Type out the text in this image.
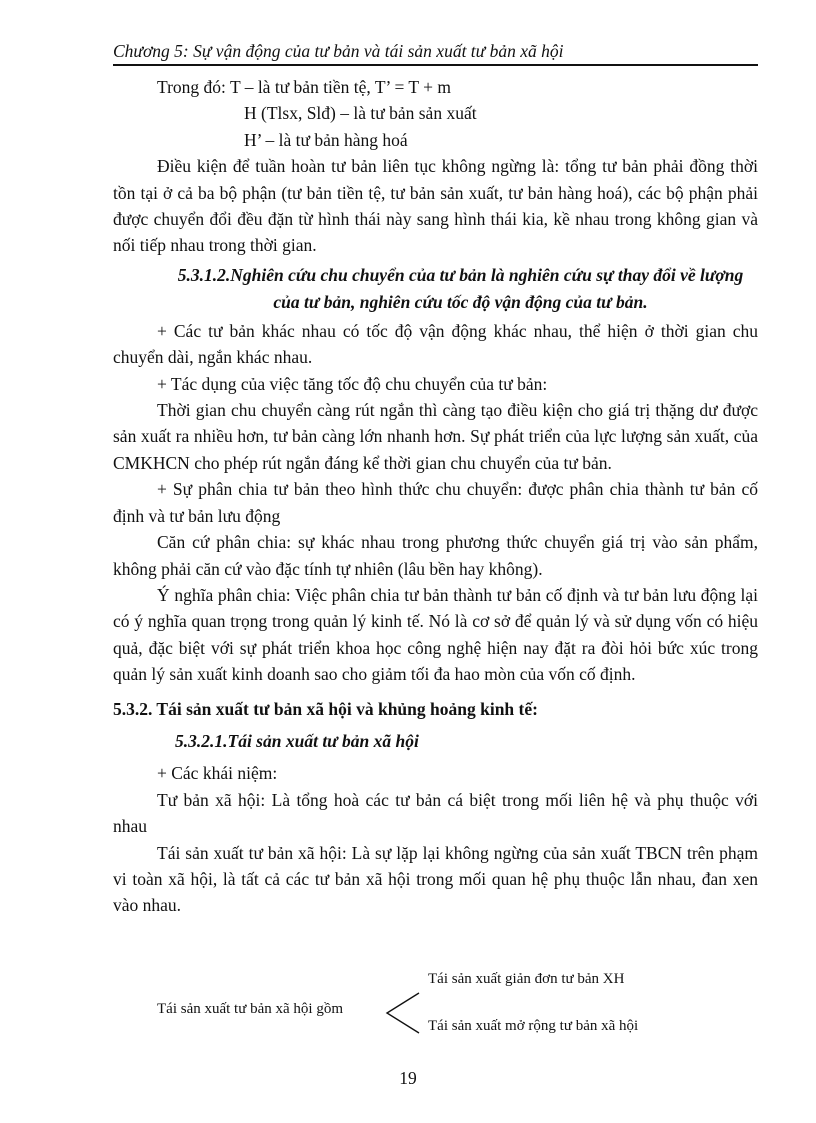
Chương 5: Sự vận động của tư bản và tái sản xuất tư bản xã hội

Trong đó: T – là tư bản tiền tệ, T’ = T + m

H (Tlsx, Slđ) – là tư bản sản xuất

H’ – là tư bản hàng hoá

Điều kiện để tuần hoàn tư bản liên tục không ngừng là: tổng tư bản phải đồng thời tồn tại ở cả ba bộ phận (tư bản tiền tệ, tư bản sản xuất, tư bản hàng hoá), các bộ phận phải được chuyển đổi đều đặn từ hình thái này sang hình thái kia, kề nhau trong không gian và nối tiếp nhau trong thời gian.

5.3.1.2.Nghiên cứu chu chuyển của tư bản là nghiên cứu sự thay đổi về lượng của tư bản, nghiên cứu tốc độ vận động của tư bản.

+ Các tư bản khác nhau có tốc độ vận động khác nhau, thể hiện ở thời gian chu chuyển dài, ngắn khác nhau.

+ Tác dụng của việc tăng tốc độ chu chuyển của tư bản:

Thời gian chu chuyển càng rút ngắn thì càng tạo điều kiện cho giá trị thặng dư được sản xuất ra nhiều hơn, tư bản càng lớn nhanh hơn. Sự phát triển của lực lượng sản xuất, của CMKHCN cho phép rút ngắn đáng kể thời gian chu chuyển của tư bản.

+ Sự phân chia tư bản theo hình thức chu chuyển: được phân chia thành tư bản cố định và tư bản lưu động

Căn cứ phân chia: sự khác nhau trong phương thức chuyển giá trị vào sản phẩm, không phải căn cứ vào đặc tính tự nhiên (lâu bền hay không).

Ý nghĩa phân chia: Việc phân chia tư bản thành tư bản cố định và tư bản lưu động lại có ý nghĩa quan trọng trong quản lý kinh tế. Nó là cơ sở để quản lý và sử dụng vốn có hiệu quả, đặc biệt với sự phát triển khoa học công nghệ hiện nay đặt ra đòi hỏi bức xúc trong quản lý sản xuất kinh doanh sao cho giảm tối đa hao mòn của vốn cố định.

5.3.2. Tái sản xuất tư bản xã hội và khủng hoảng kinh tế:

5.3.2.1.Tái sản xuất tư bản xã hội

+ Các khái niệm:

Tư bản xã hội: Là tổng hoà các tư bản cá biệt trong mối liên hệ và phụ thuộc với nhau

Tái sản xuất tư bản xã hội: Là sự lặp lại không ngừng của sản xuất TBCN trên phạm vi toàn xã hội, là tất cả các tư bản xã hội trong mối quan hệ phụ thuộc lẫn nhau, đan xen vào nhau.

Tái sản xuất tư bản xã hội gồm
Tái sản xuất giản đơn tư bản XH
Tái sản xuất mở rộng tư bản xã hội
19
